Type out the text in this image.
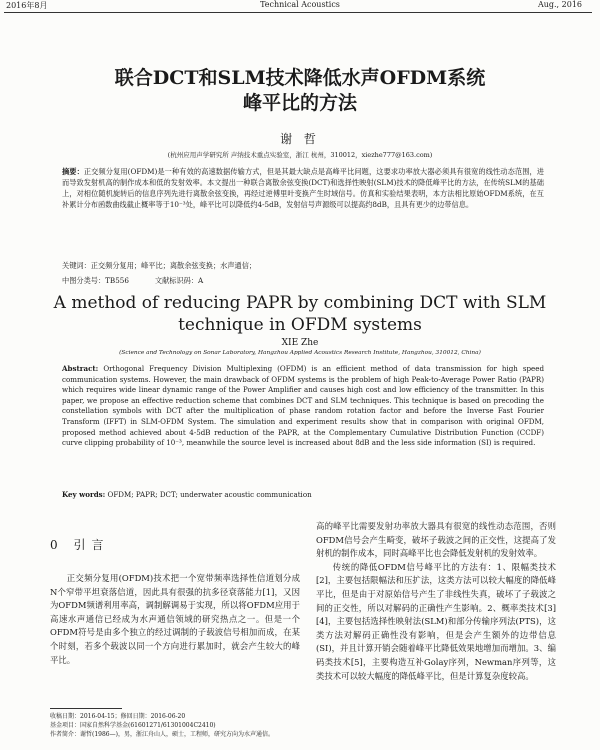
2016年8月	Technical Acoustics	Aug., 2016
联合DCT和SLM技术降低水声OFDM系统
峰平比的方法
谢 哲
(杭州应用声学研究所 声纳技术重点实验室，浙江 杭州，310012，xiezhe777@163.com)
摘要：正交频分复用(OFDM)是一种有效的高速数据传输方式，但是其最大缺点是高峰平比问题，这要求功率放大器必须具有很宽的线性动态范围，进而导致发射机高的制作成本和低的发射效率。本文提出一种联合离散余弦变换(DCT)和选择性映射(SLM)技术的降低峰平比的方法，在传统SLM的基础上，对相位随机旋转后的信息序列先进行离散余弦变换，再经过逆傅里叶变换产生时域信号。仿真和实验结果表明，本方法相比原始OFDM系统，在互补累计分布函数曲线截止概率等于10⁻³处，峰平比可以降低约4-5dB，发射信号声源级可以提高约8dB，且具有更少的边带信息。
关键词：正交频分复用；峰平比；离散余弦变换；水声通信；
中图分类号：TB556	文献标识码：A
A method of reducing PAPR by combining DCT with SLM
technique in OFDM systems
XIE Zhe
(Science and Technology on Sonar Laboratory, Hangzhou Applied Acoustics Research Institute, Hangzhou, 310012, China)
Abstract: Orthogonal Frequency Division Multiplexing (OFDM) is an efficient method of data transmission for high speed communication systems. However, the main drawback of OFDM systems is the problem of high Peak-to-Average Power Ratio (PAPR) which requires wide linear dynamic range of the Power Amplifier and causes high cost and low efficiency of the transmitter. In this paper, we propose an effective reduction scheme that combines DCT and SLM techniques. This technique is based on precoding the constellation symbols with DCT after the multiplication of phase random rotation factor and before the Inverse Fast Fourier Transform (IFFT) in SLM-OFDM System. The simulation and experiment results show that in comparison with original OFDM, proposed method achieved about 4-5dB reduction of the PAPR, at the Complementary Cumulative Distribution Function (CCDF) curve clipping probability of 10⁻³, meanwhile the source level is increased about 8dB and the less side information (SI) is required.
Key words: OFDM; PAPR; DCT; underwater acoustic communication
0 引言
正交频分复用(OFDM)技术把一个宽带频率选择性信道划分成N个窄带平坦衰落信道，因此具有很强的抗多径衰落能力[1]，又因为OFDM频谱利用率高，调制解调易于实现，所以将OFDM应用于高速水声通信已经成为水声通信领域的研究热点之一。但是一个OFDM符号是由多个独立的经过调制的子载波信号相加而成，在某个时刻，若多个载波以同一个方向进行累加时，就会产生较大的峰平比。

高的峰平比需要发射功率放大器具有很宽的线性动态范围，否则OFDM信号会产生畸变，破坏子载波之间的正交性，这提高了发射机的制作成本，同时高峰平比也会降低发射机的发射效率。

传统的降低OFDM信号峰平比的方法有：1、限幅类技术[2]，主要包括限幅法和压扩法，这类方法可以较大幅度的降低峰平比，但是由于对原始信号产生了非线性失真，破坏了子载波之间的正交性，所以对解码的正确性产生影响。2、概率类技术[3][4]，主要包括选择性映射法(SLM)和部分传输序列法(PTS)，这类方法对解码正确性没有影响，但是会产生额外的边带信息(SI)，并且计算开销会随着峰平比降低效果地增加而增加。3、编码类技术[5]，主要构造互补Golay序列，Newman序列等，这类技术可以较大幅度的降低峰平比，但是计算复杂度较高。

收稿日期：2016-04-15；修回日期：2016-06-20
基金项目：国家自然科学基金(61601271/61301004C2410)
作者简介：谢哲(1986—)，男，浙江舟山人，硕士，工程师，研究方向为水声通信。
